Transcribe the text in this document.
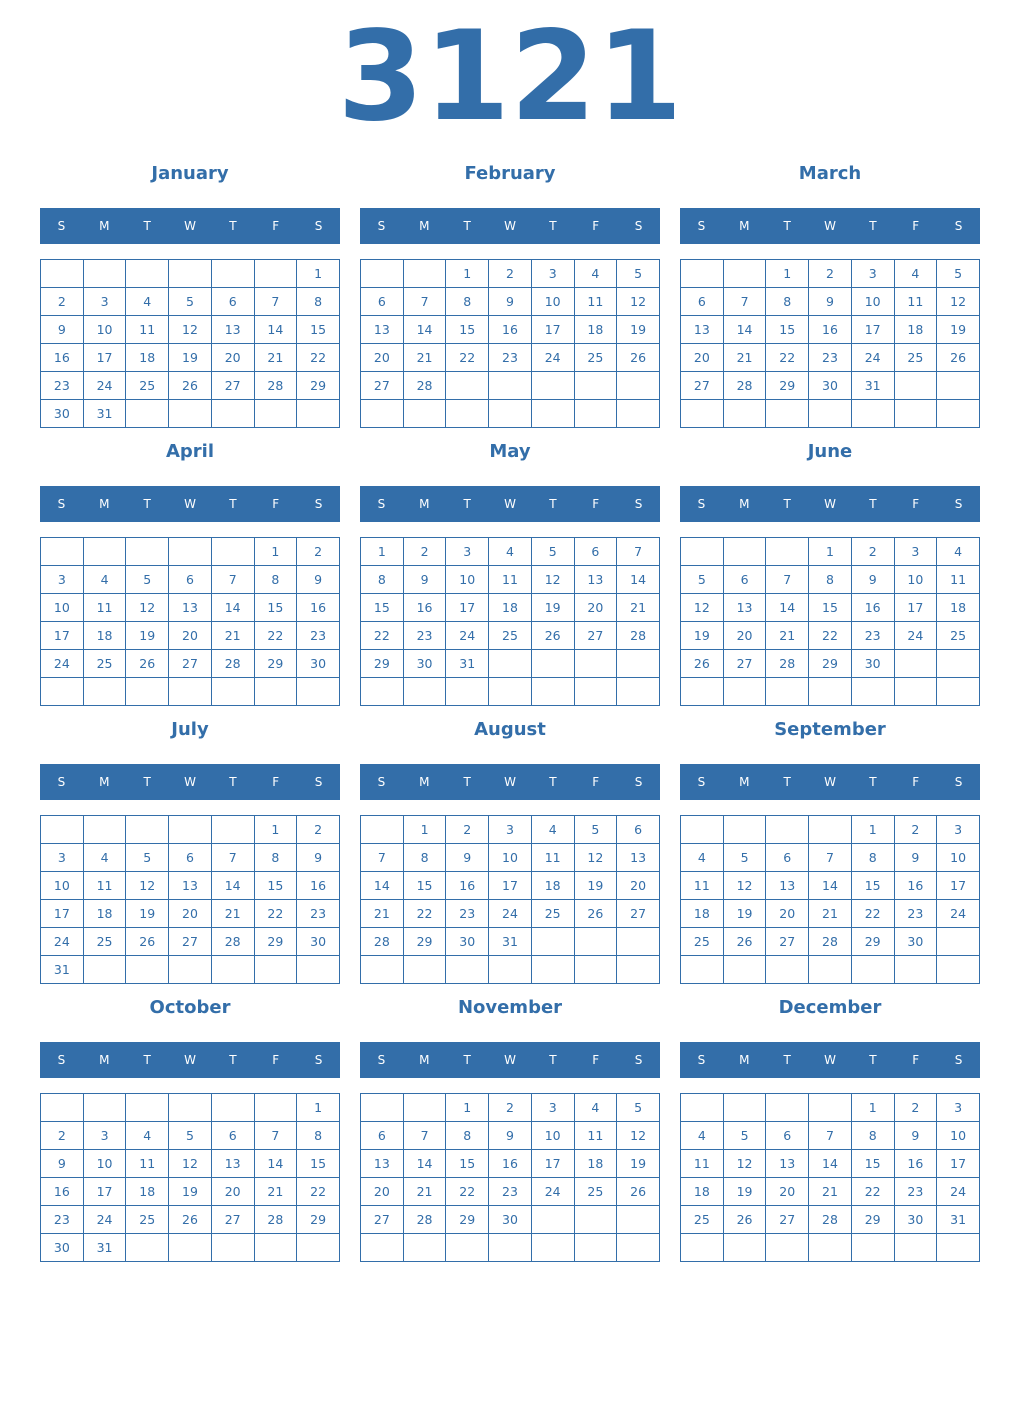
3121
January
S	M	T	W	T	F	S
						1
2	3	4	5	6	7	8
9	10	11	12	13	14	15
16	17	18	19	20	21	22
23	24	25	26	27	28	29
30	31					
February
S	M	T	W	T	F	S
		1	2	3	4	5
6	7	8	9	10	11	12
13	14	15	16	17	18	19
20	21	22	23	24	25	26
27	28					

March
S	M	T	W	T	F	S
		1	2	3	4	5
6	7	8	9	10	11	12
13	14	15	16	17	18	19
20	21	22	23	24	25	26
27	28	29	30	31		

April
S	M	T	W	T	F	S
					1	2
3	4	5	6	7	8	9
10	11	12	13	14	15	16
17	18	19	20	21	22	23
24	25	26	27	28	29	30

May
S	M	T	W	T	F	S
1	2	3	4	5	6	7
8	9	10	11	12	13	14
15	16	17	18	19	20	21
22	23	24	25	26	27	28
29	30	31				

June
S	M	T	W	T	F	S
			1	2	3	4
5	6	7	8	9	10	11
12	13	14	15	16	17	18
19	20	21	22	23	24	25
26	27	28	29	30		

July
S	M	T	W	T	F	S
					1	2
3	4	5	6	7	8	9
10	11	12	13	14	15	16
17	18	19	20	21	22	23
24	25	26	27	28	29	30
31						
August
S	M	T	W	T	F	S
	1	2	3	4	5	6
7	8	9	10	11	12	13
14	15	16	17	18	19	20
21	22	23	24	25	26	27
28	29	30	31			

September
S	M	T	W	T	F	S
				1	2	3
4	5	6	7	8	9	10
11	12	13	14	15	16	17
18	19	20	21	22	23	24
25	26	27	28	29	30	

October
S	M	T	W	T	F	S
						1
2	3	4	5	6	7	8
9	10	11	12	13	14	15
16	17	18	19	20	21	22
23	24	25	26	27	28	29
30	31					
November
S	M	T	W	T	F	S
		1	2	3	4	5
6	7	8	9	10	11	12
13	14	15	16	17	18	19
20	21	22	23	24	25	26
27	28	29	30			

December
S	M	T	W	T	F	S
				1	2	3
4	5	6	7	8	9	10
11	12	13	14	15	16	17
18	19	20	21	22	23	24
25	26	27	28	29	30	31
